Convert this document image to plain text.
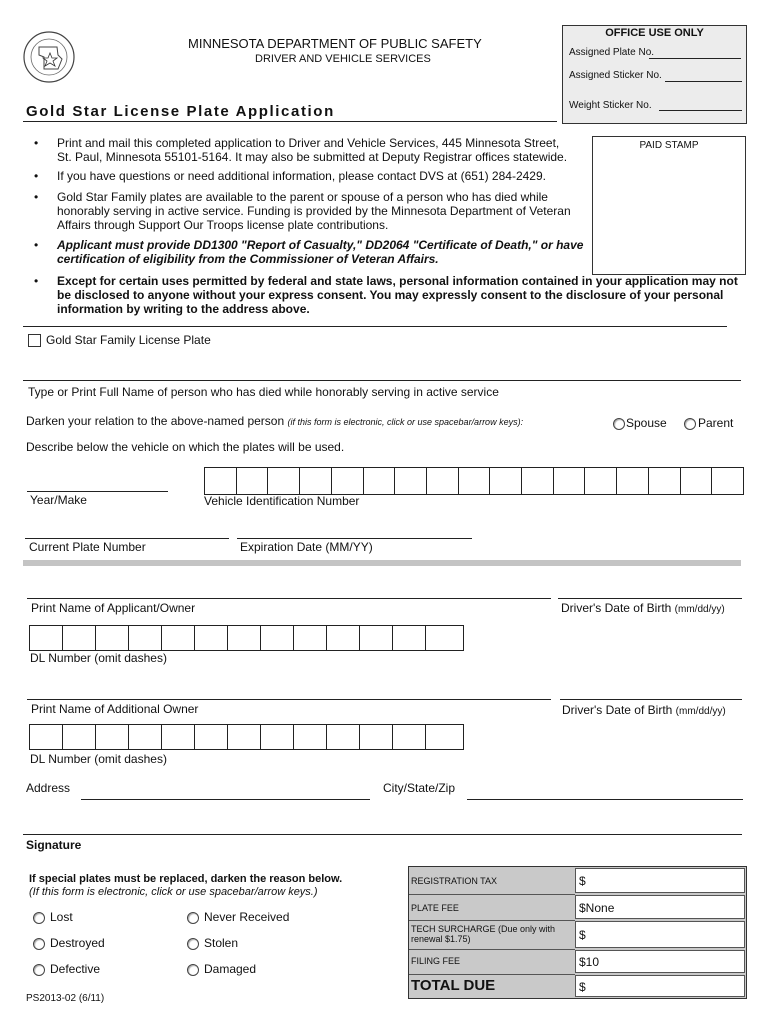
MINNESOTA DEPARTMENT OF PUBLIC SAFETY
DRIVER AND VEHICLE SERVICES
Gold Star License Plate Application
OFFICE USE ONLY
Assigned Plate No.
Assigned Sticker No.
Weight Sticker No.
PAID STAMP
• Print and mail this completed application to Driver and Vehicle Services, 445 Minnesota Street, St. Paul, Minnesota 55101-5164. It may also be submitted at Deputy Registrar offices statewide.
• If you have questions or need additional information, please contact DVS at (651) 284-2429.
• Gold Star Family plates are available to the parent or spouse of a person who has died while honorably serving in active service. Funding is provided by the Minnesota Department of Veteran Affairs through Support Our Troops license plate contributions.
• Applicant must provide DD1300 "Report of Casualty," DD2064 "Certificate of Death," or have certification of eligibility from the Commissioner of Veteran Affairs.
• Except for certain uses permitted by federal and state laws, personal information contained in your application may not be disclosed to anyone without your express consent. You may expressly consent to the disclosure of your personal information by writing to the address above.
Gold Star Family License Plate
Type or Print Full Name of person who has died while honorably serving in active service
Darken your relation to the above-named person (if this form is electronic, click or use spacebar/arrow keys):	Spouse	Parent
Describe below the vehicle on which the plates will be used.
Year/Make	Vehicle Identification Number
Current Plate Number	Expiration Date (MM/YY)
Print Name of Applicant/Owner	Driver's Date of Birth (mm/dd/yy)
DL Number (omit dashes)
Print Name of Additional Owner	Driver's Date of Birth (mm/dd/yy)
DL Number (omit dashes)
Address	City/State/Zip
Signature
If special plates must be replaced, darken the reason below.
(If this form is electronic, click or use spacebar/arrow keys.)
Lost	Never Received
Destroyed	Stolen
Defective	Damaged
PS2013-02 (6/11)
REGISTRATION TAX	$
PLATE FEE	$None
TECH SURCHARGE (Due only with renewal $1.75)	$
FILING FEE	$10
TOTAL DUE	$
